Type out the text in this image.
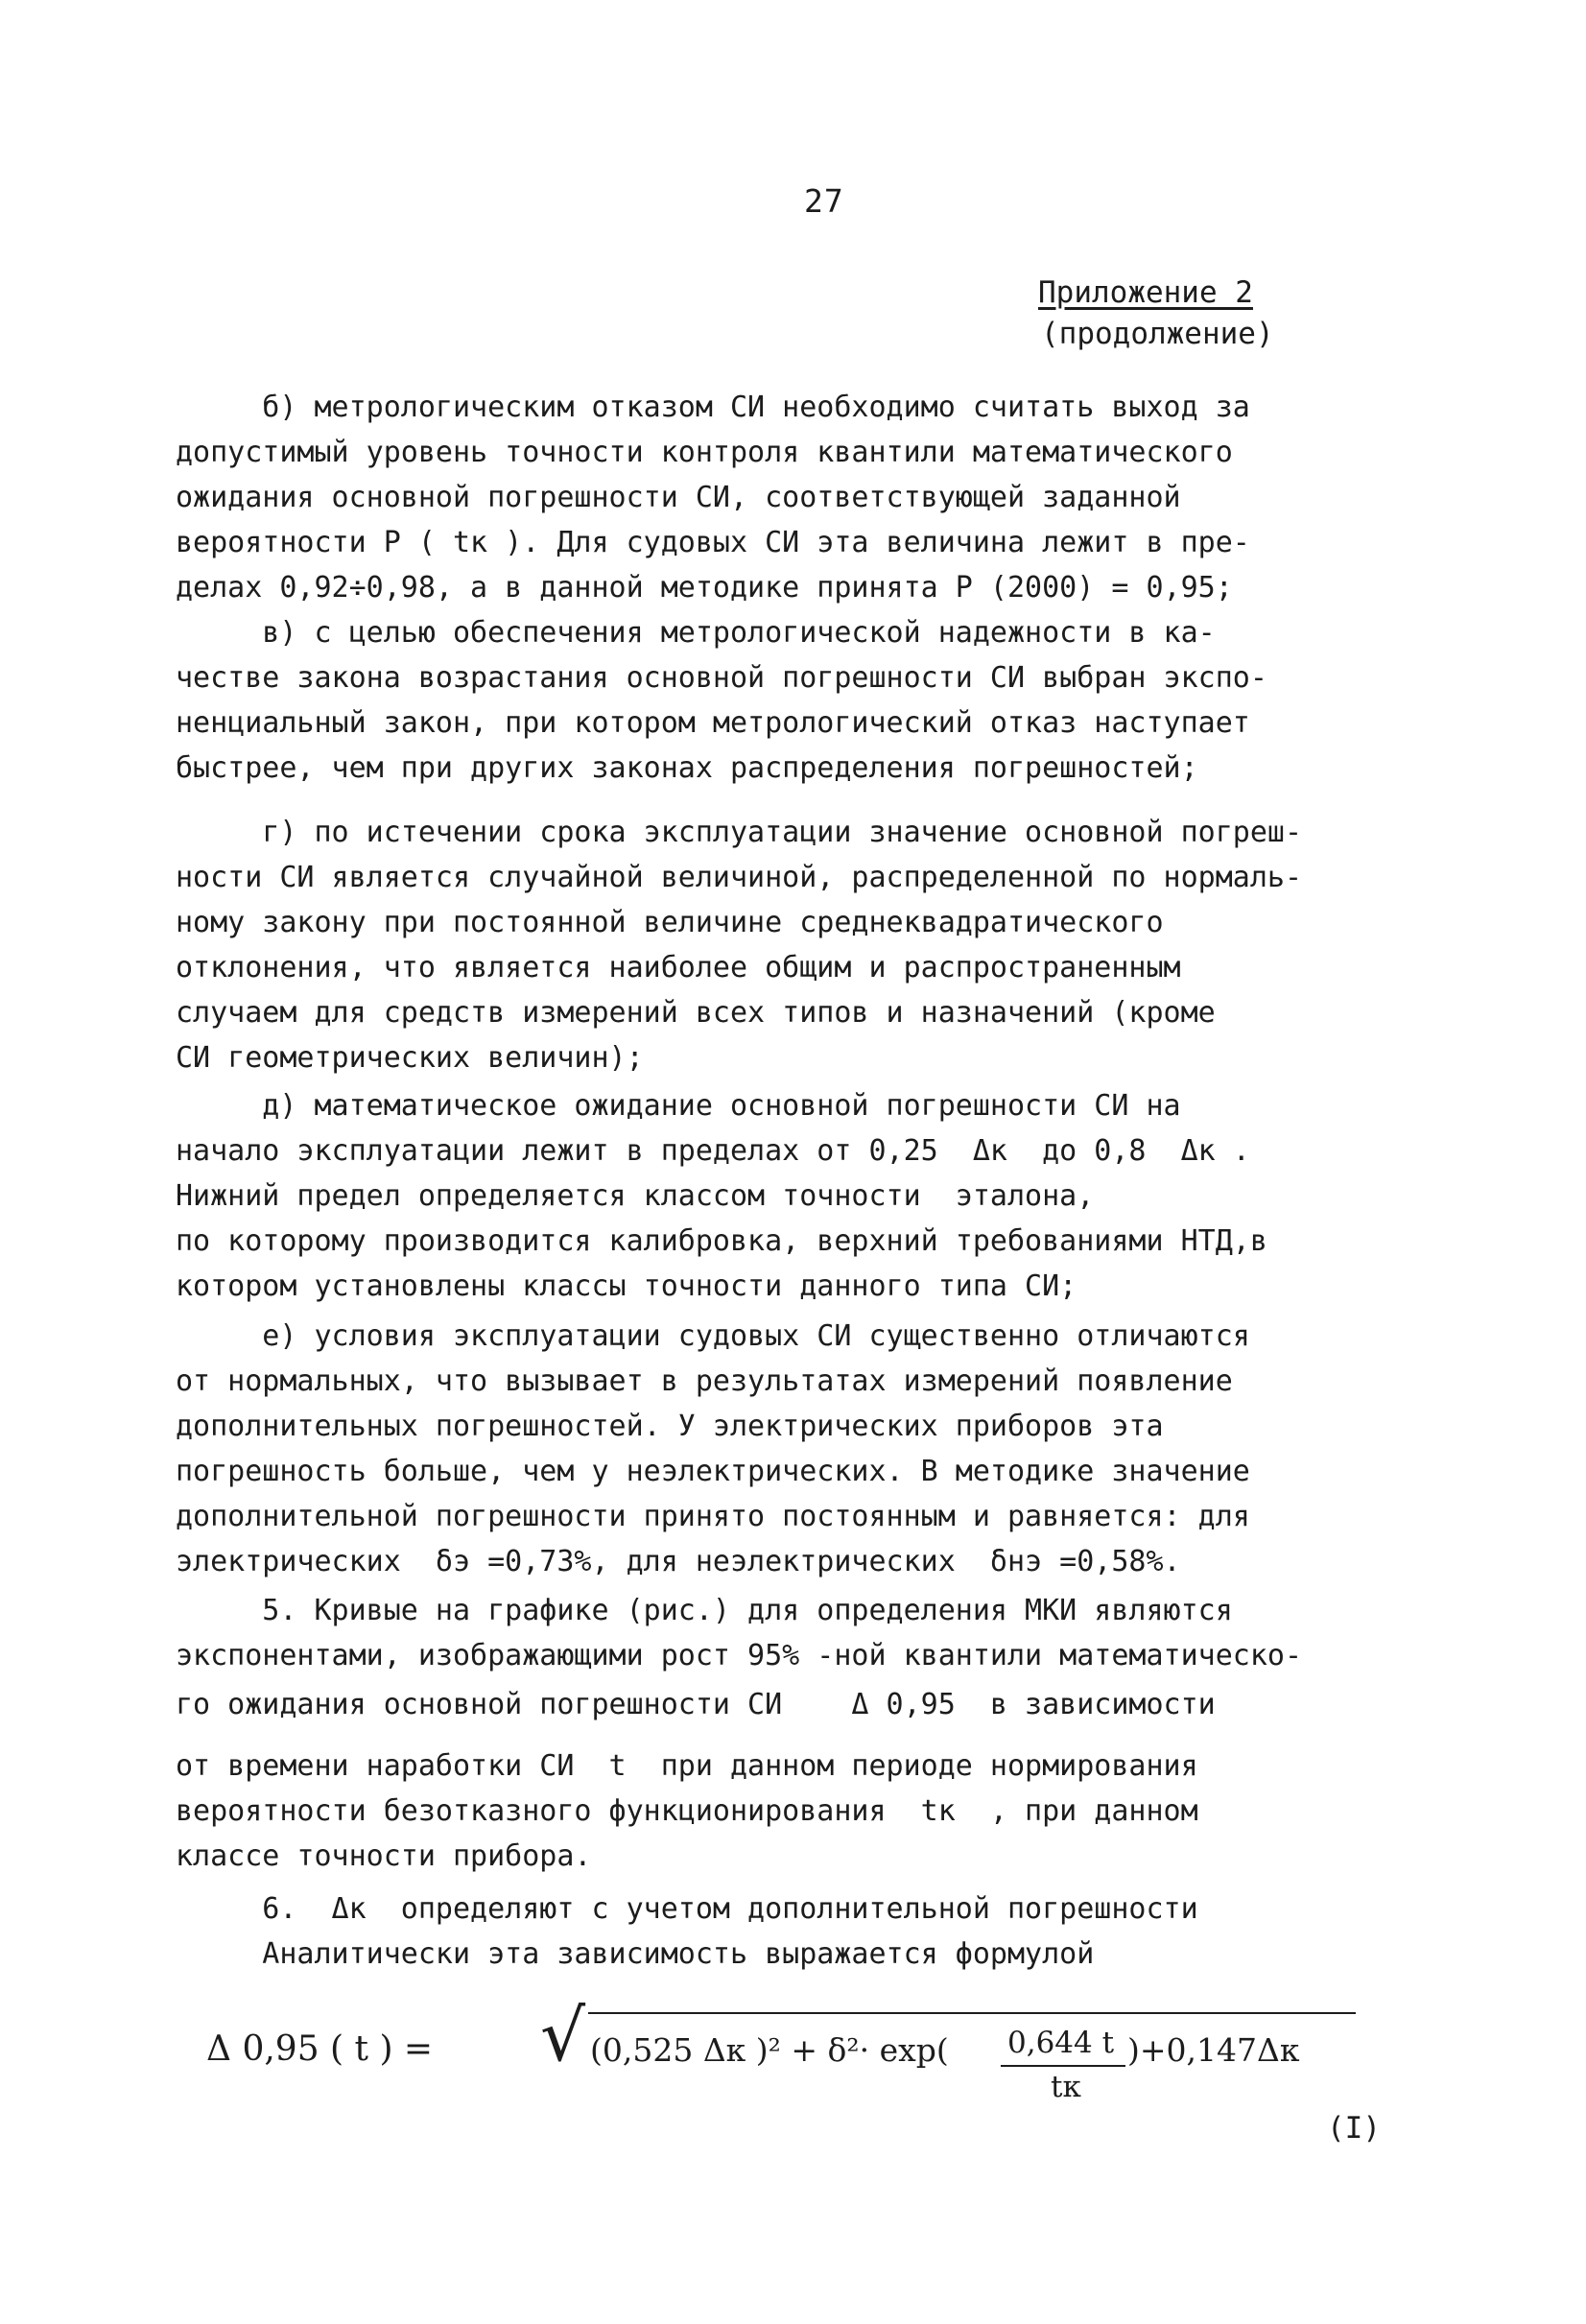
27
Приложение 2
(продолжение)
б) метрологическим отказом СИ необходимо считать выход за
допустимый уровень точности контроля квантили математического
ожидания основной погрешности СИ, соответствующей заданной
вероятности Р ( tк ). Для судовых СИ эта величина лежит в пре-
делах 0,92÷0,98, а в данной методике принята Р (2000) = 0,95;
в) с целью обеспечения метрологической надежности в ка-
честве закона возрастания основной погрешности СИ выбран экспо-
ненциальный закон, при котором метрологический отказ наступает
быстрее, чем при других законах распределения погрешностей;
г) по истечении срока эксплуатации значение основной погреш-
ности СИ является случайной величиной, распределенной по нормаль-
ному закону при постоянной величине среднеквадратического
отклонения, что является наиболее общим и распространенным
случаем для средств измерений всех типов и назначений (кроме
СИ геометрических величин);
д) математическое ожидание основной погрешности СИ на
начало эксплуатации лежит в пределах от 0,25  Δк  до 0,8  Δк .
Нижний предел определяется классом точности  эталона,
по которому производится калибровка, верхний требованиями НТД,в
котором установлены классы точности данного типа СИ;
е) условия эксплуатации судовых СИ существенно отличаются
от нормальных, что вызывает в результатах измерений появление
дополнительных погрешностей. У электрических приборов эта
погрешность больше, чем у неэлектрических. В методике значение
дополнительной погрешности принято постоянным и равняется: для
электрических  δэ =0,73%, для неэлектрических  δнэ =0,58%.
5. Кривые на графике (рис.) для определения МКИ являются
экспонентами, изображающими рост 95% -ной квантили математическо-
го ожидания основной погрешности СИ    Δ 0,95  в зависимости
от времени наработки СИ  t  при данном периоде нормирования
вероятности безотказного функционирования  tк  , при данном
классе точности прибора.
6.  Δк  определяют с учетом дополнительной погрешности
Аналитически эта зависимость выражается формулой
Δ 0,95 ( t ) = √ (0,525 Δк )² + δ²· exp( 0,644 t
tк
)+0,147Δк
(I)
